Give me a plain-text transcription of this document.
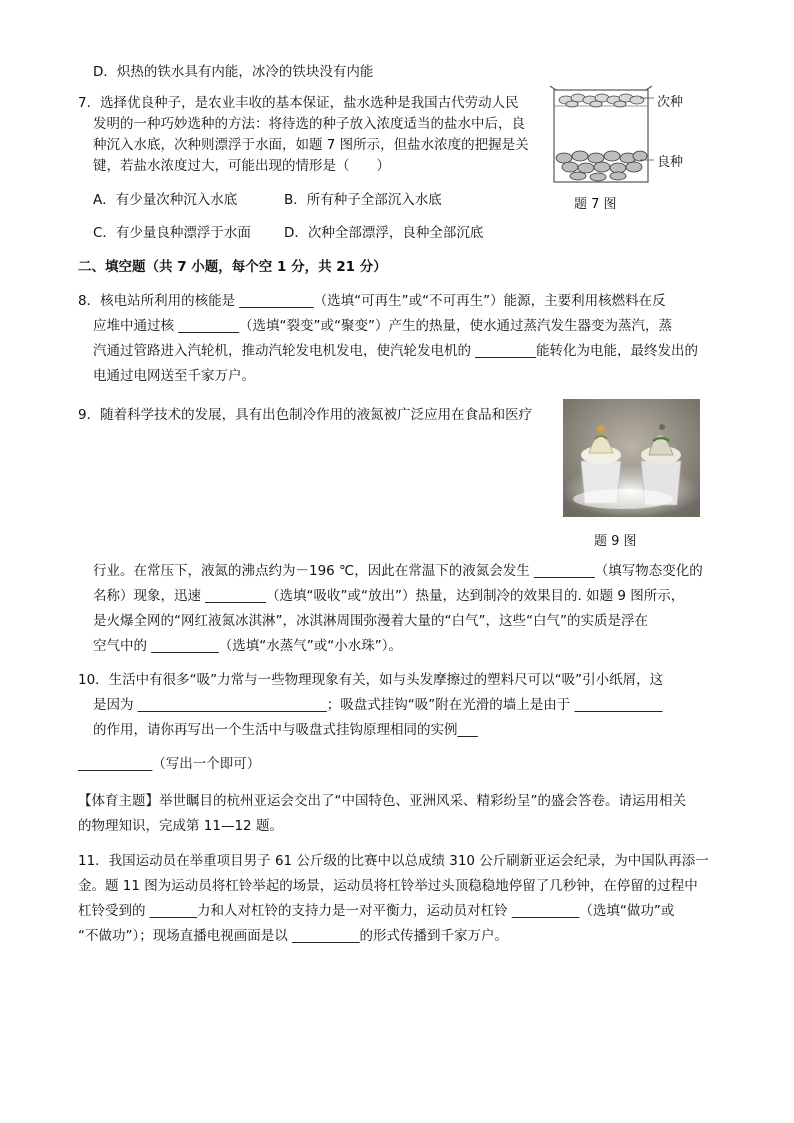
D．炽热的铁水具有内能，冰冷的铁块没有内能
7．选择优良种子，是农业丰收的基本保证，盐水选种是我国古代劳动人民
发明的一种巧妙选种的方法：将待选的种子放入浓度适当的盐水中后，良
种沉入水底，次种则漂浮于水面，如题 7 图所示，但盐水浓度的把握是关
键，若盐水浓度过大，可能出现的情形是（　　）
A．有少量次种沉入水底	B．所有种子全部沉入水底
C．有少量良种漂浮于水面 D．次种全部漂浮，良种全部沉底
次种
良种
题 7 图
二、填空题（共 7 小题，每个空 1 分，共 21 分）
8．核电站所利用的核能是 ___________（选填“可再生”或“不可再生”）能源，主要利用核燃料在反
应堆中通过核 _________（选填“裂变”或“聚变”）产生的热量，使水通过蒸汽发生器变为蒸汽，蒸
汽通过管路进入汽轮机，推动汽轮发电机发电，使汽轮发电机的 _________能转化为电能，最终发出的
电通过电网送至千家万户。
9．随着科学技术的发展，具有出色制冷作用的液氮被广泛应用在食品和医疗
题 9 图
行业。在常压下，液氮的沸点约为－196 ℃，因此在常温下的液氮会发生 _________（填写物态变化的
名称）现象，迅速 _________（选填“吸收”或“放出”）热量，达到制冷的效果目的. 如题 9 图所示，
是火爆全网的“网红液氮冰淇淋”，冰淇淋周围弥漫着大量的“白气”，这些“白气”的实质是浮在
空气中的 __________（选填“水蒸气”或“小水珠”）。
10．生活中有很多“吸”力常与一些物理现象有关，如与头发摩擦过的塑料尺可以“吸”引小纸屑，这
是因为 ____________________________；吸盘式挂钩“吸”附在光滑的墙上是由于 _____________
的作用，请你再写出一个生活中与吸盘式挂钩原理相同的实例___
___________（写出一个即可）
【体育主题】举世瞩目的杭州亚运会交出了“中国特色、亚洲风采、精彩纷呈”的盛会答卷。请运用相关
的物理知识，完成第 11—12 题。
11．我国运动员在举重项目男子 61 公斤级的比赛中以总成绩 310 公斤刷新亚运会纪录，为中国队再添一
金。题 11 图为运动员将杠铃举起的场景，运动员将杠铃举过头顶稳稳地停留了几秒钟，在停留的过程中
杠铃受到的 _______力和人对杠铃的支持力是一对平衡力，运动员对杠铃 __________（选填“做功”或
“不做功”）；现场直播电视画面是以 __________的形式传播到千家万户。
